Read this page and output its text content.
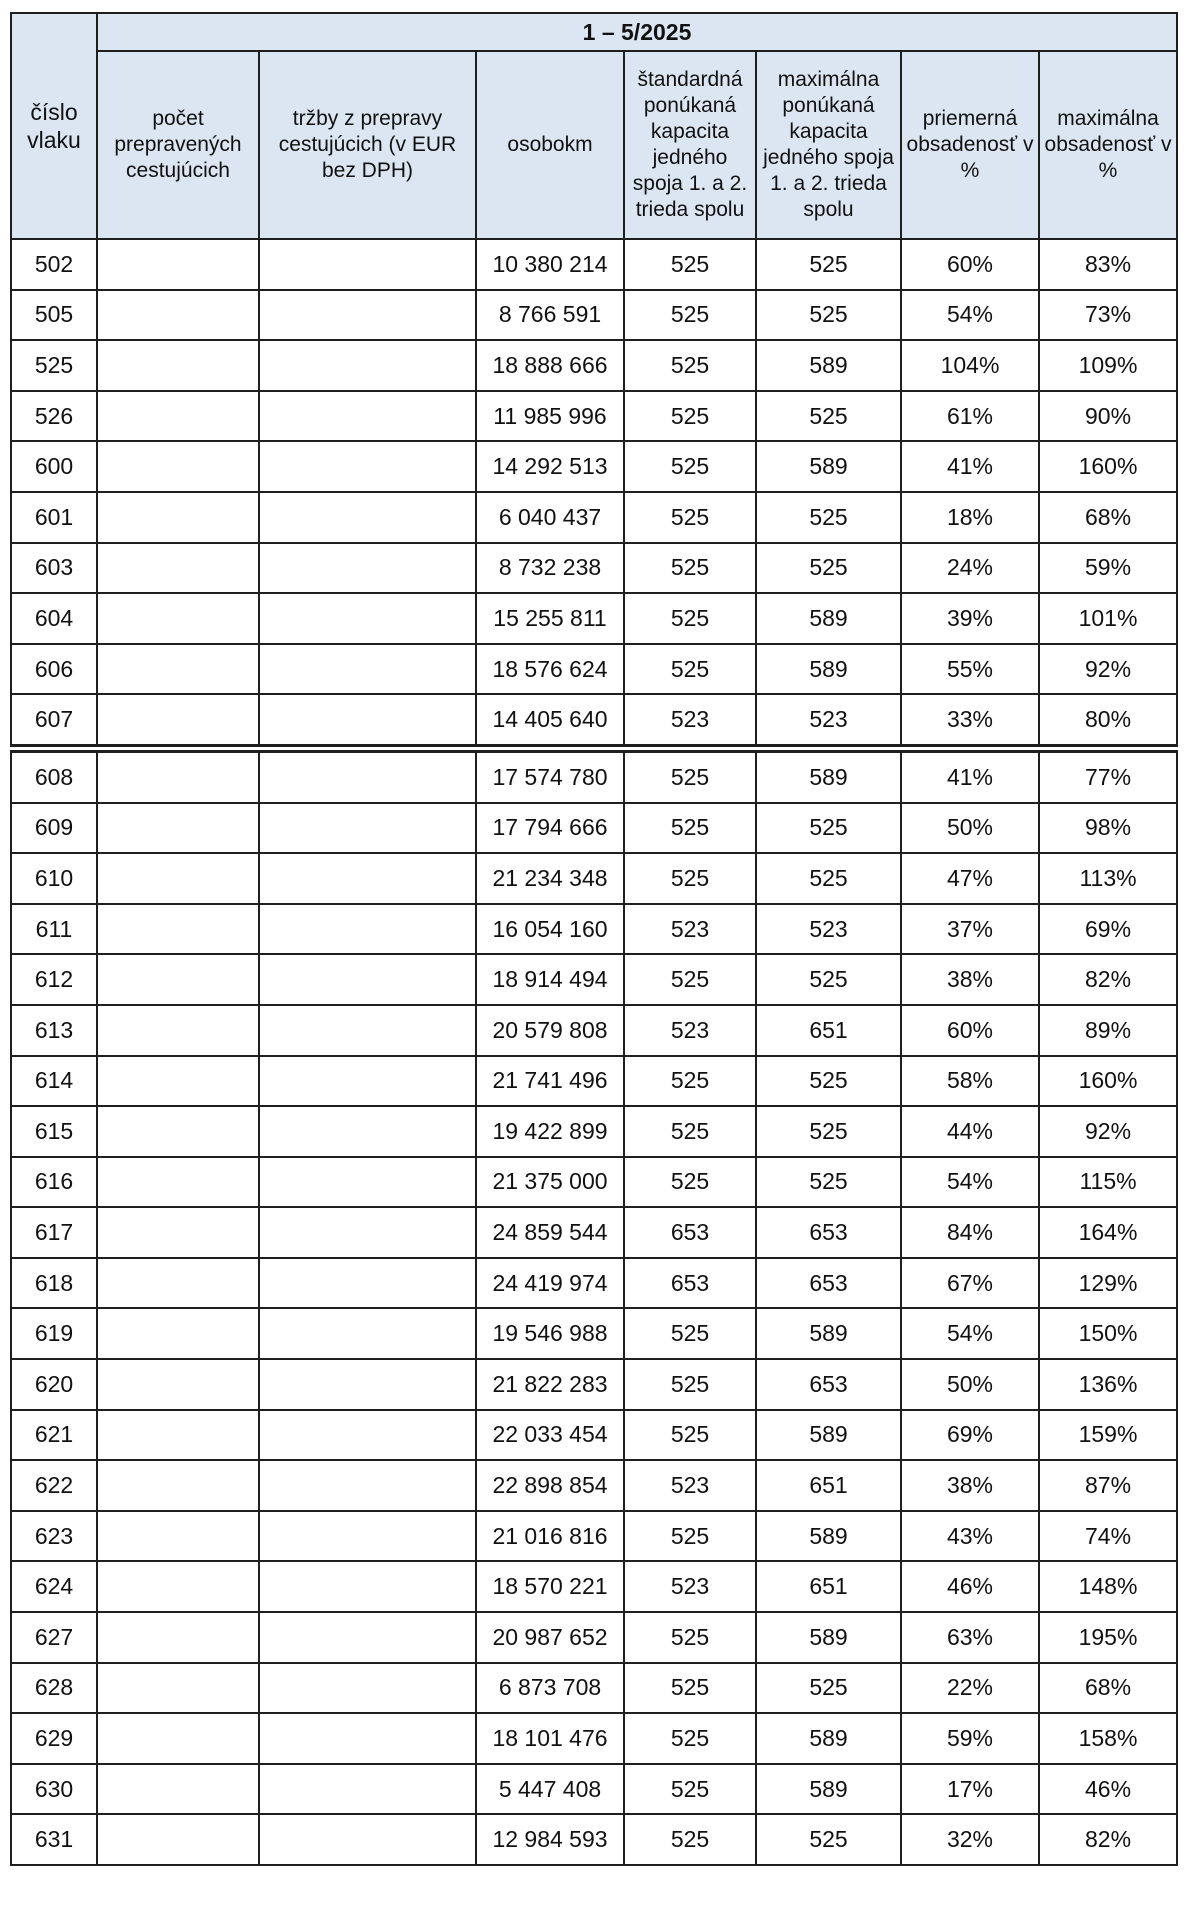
číslo
vlaku	1 – 5/2025						
	počet prepravených cestujúcich	tržby z prepravy cestujúcich (v EUR bez DPH)	osobokm	štandardná ponúkaná kapacita jedného spoja 1. a 2. trieda spolu	maximálna ponúkaná kapacita jedného spoja 1. a 2. trieda spolu	priemerná obsadenosť v %	maximálna obsadenosť v %
502			10 380 214	525	525	60%	83%
505			8 766 591	525	525	54%	73%
525			18 888 666	525	589	104%	109%
526			11 985 996	525	525	61%	90%
600			14 292 513	525	589	41%	160%
601			6 040 437	525	525	18%	68%
603			8 732 238	525	525	24%	59%
604			15 255 811	525	589	39%	101%
606			18 576 624	525	589	55%	92%
607			14 405 640	523	523	33%	80%
608			17 574 780	525	589	41%	77%
609			17 794 666	525	525	50%	98%
610			21 234 348	525	525	47%	113%
611			16 054 160	523	523	37%	69%
612			18 914 494	525	525	38%	82%
613			20 579 808	523	651	60%	89%
614			21 741 496	525	525	58%	160%
615			19 422 899	525	525	44%	92%
616			21 375 000	525	525	54%	115%
617			24 859 544	653	653	84%	164%
618			24 419 974	653	653	67%	129%
619			19 546 988	525	589	54%	150%
620			21 822 283	525	653	50%	136%
621			22 033 454	525	589	69%	159%
622			22 898 854	523	651	38%	87%
623			21 016 816	525	589	43%	74%
624			18 570 221	523	651	46%	148%
627			20 987 652	525	589	63%	195%
628			6 873 708	525	525	22%	68%
629			18 101 476	525	589	59%	158%
630			5 447 408	525	589	17%	46%
631			12 984 593	525	525	32%	82%
